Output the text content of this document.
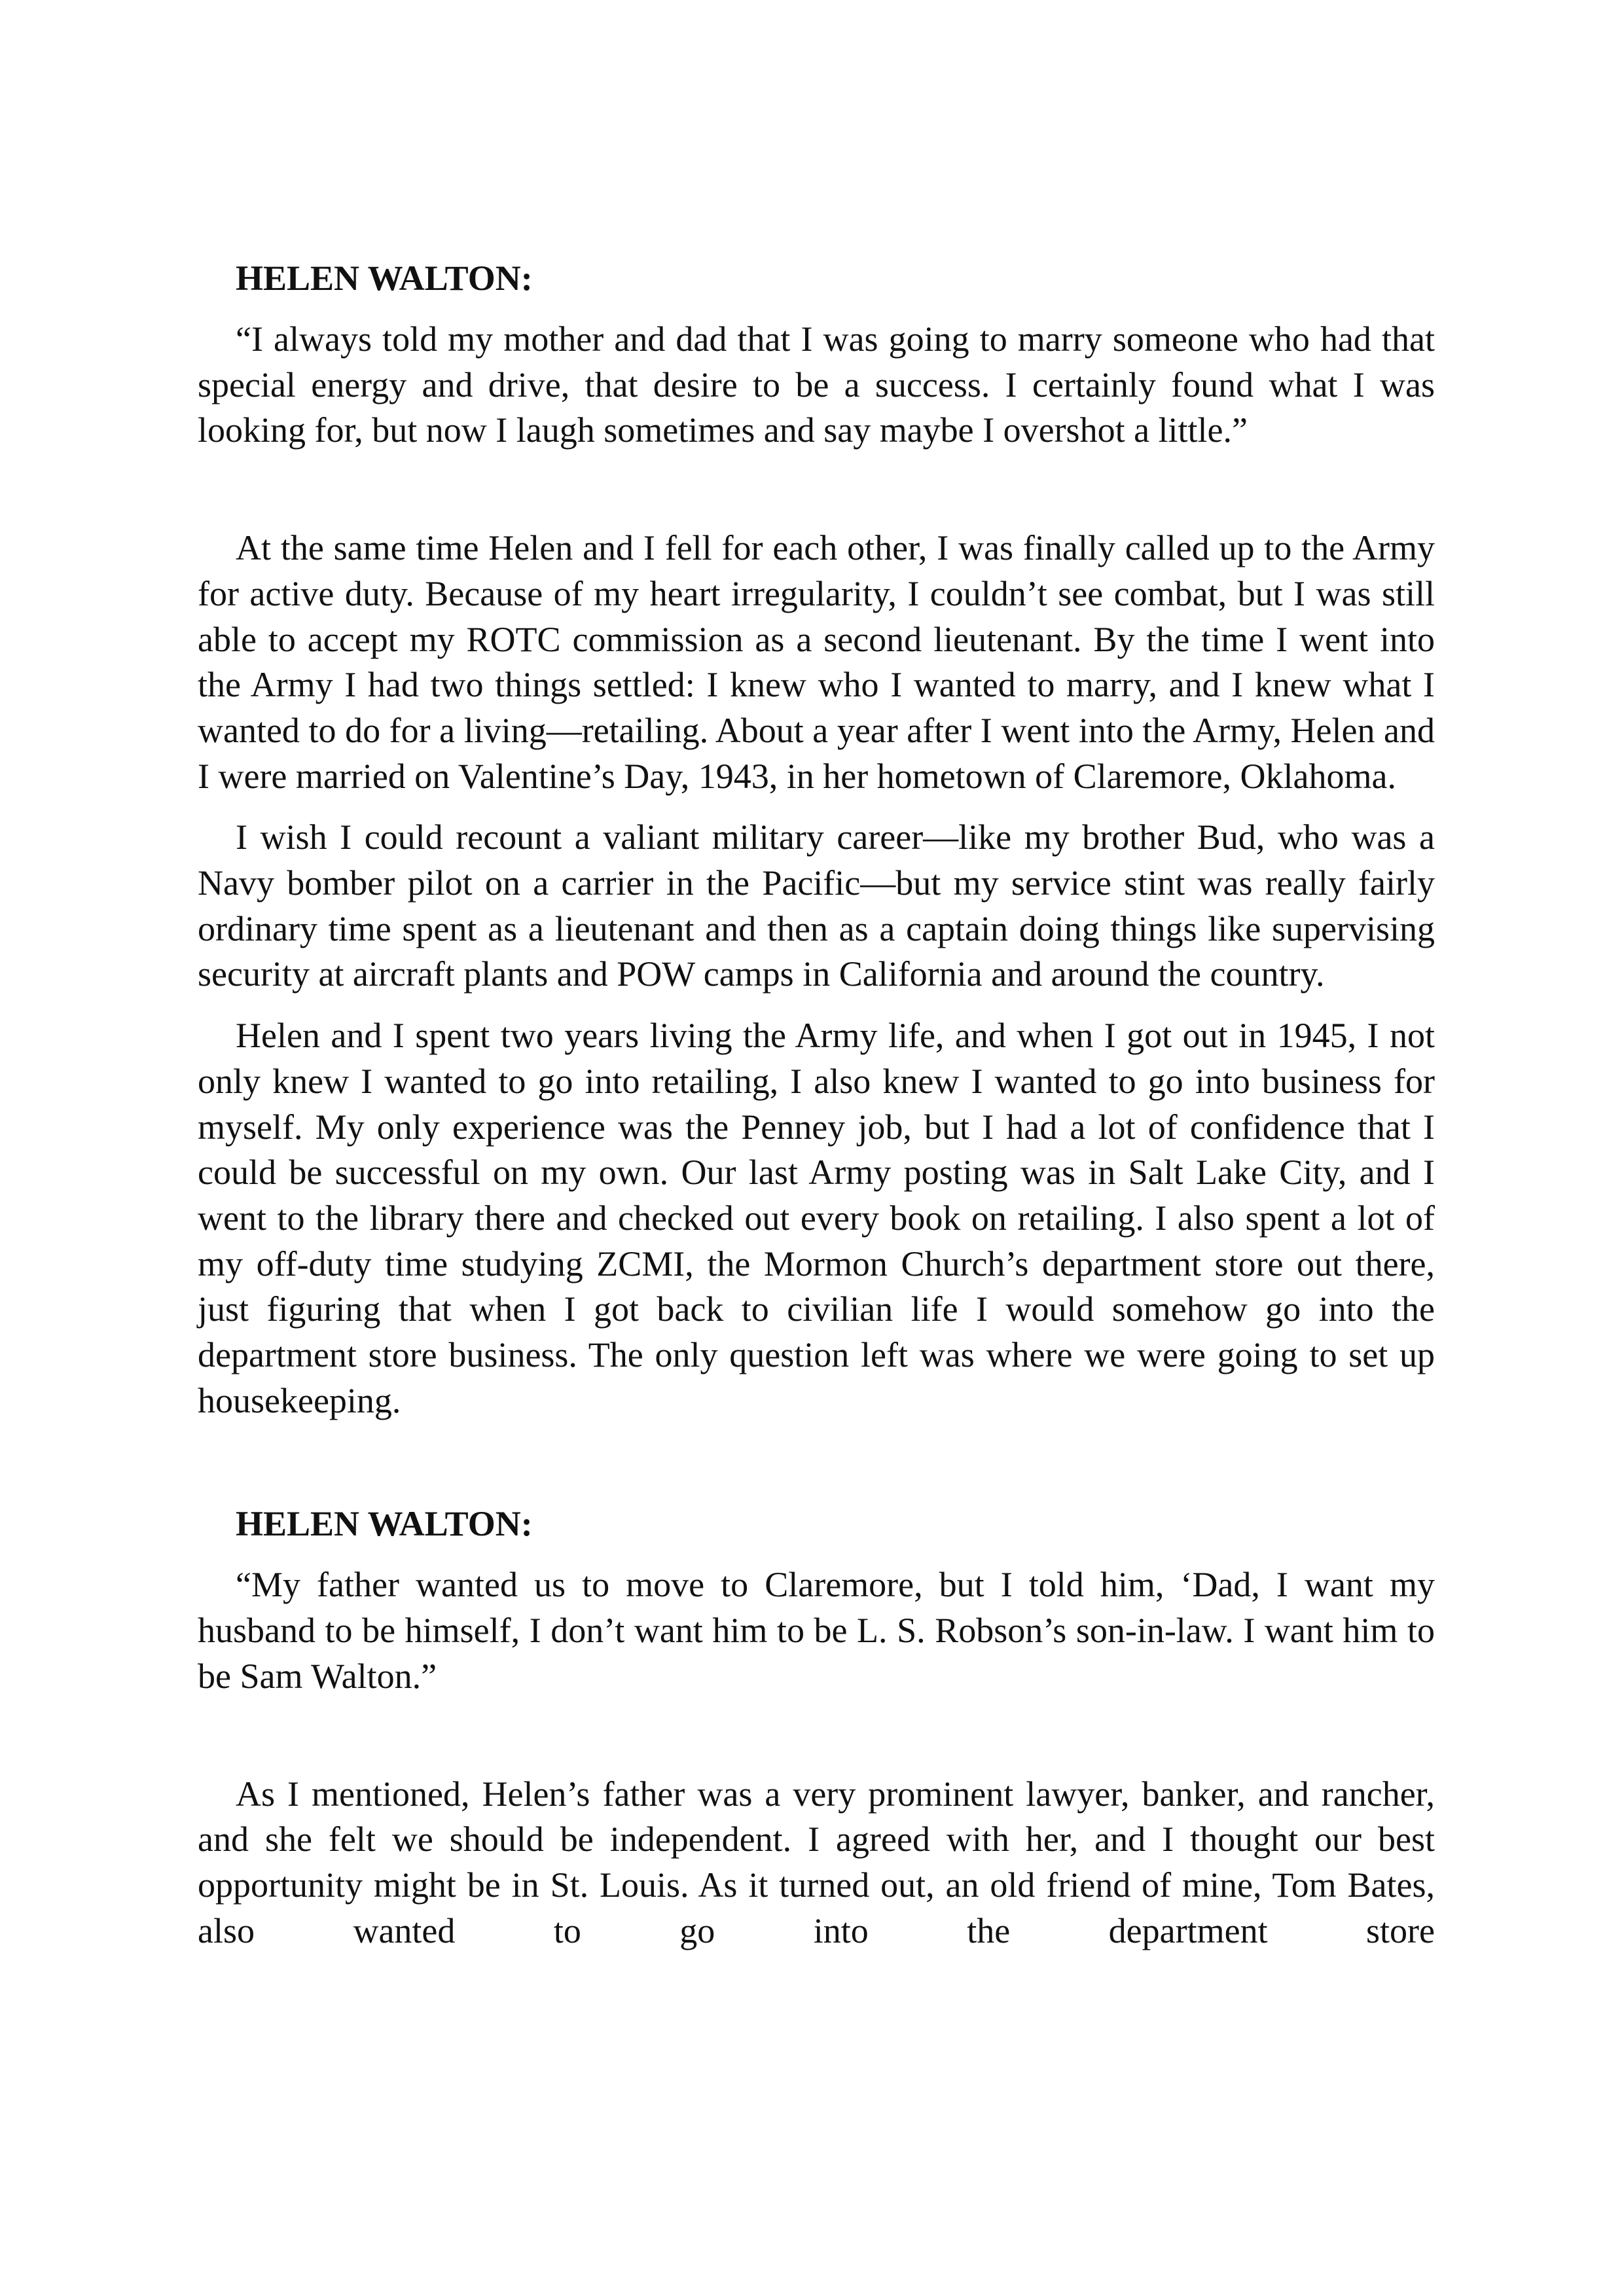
HELEN WALTON:

“I always told my mother and dad that I was going to marry someone who had that special energy and drive, that desire to be a success. I certainly found what I was looking for, but now I laugh sometimes and say maybe I overshot a little.”

At the same time Helen and I fell for each other, I was finally called up to the Army for active duty. Because of my heart irregularity, I couldn’t see combat, but I was still able to accept my ROTC commission as a second lieutenant. By the time I went into the Army I had two things settled: I knew who I wanted to marry, and I knew what I wanted to do for a living—retailing. About a year after I went into the Army, Helen and I were married on Valentine’s Day, 1943, in her hometown of Claremore, Oklahoma.

I wish I could recount a valiant military career—like my brother Bud, who was a Navy bomber pilot on a carrier in the Pacific—but my service stint was really fairly ordinary time spent as a lieutenant and then as a captain doing things like supervising security at aircraft plants and POW camps in California and around the country.

Helen and I spent two years living the Army life, and when I got out in 1945, I not only knew I wanted to go into retailing, I also knew I wanted to go into business for myself. My only experience was the Penney job, but I had a lot of confidence that I could be successful on my own. Our last Army posting was in Salt Lake City, and I went to the library there and checked out every book on retailing. I also spent a lot of my off-duty time studying ZCMI, the Mormon Church’s department store out there, just figuring that when I got back to civilian life I would somehow go into the department store business. The only question left was where we were going to set up housekeeping.

HELEN WALTON:

“My father wanted us to move to Claremore, but I told him, ‘Dad, I want my husband to be himself, I don’t want him to be L. S. Robson’s son-in-law. I want him to be Sam Walton.”

As I mentioned, Helen’s father was a very prominent lawyer, banker, and rancher, and she felt we should be independent. I agreed with her, and I thought our best opportunity might be in St. Louis. As it turned out, an old friend of mine, Tom Bates, also wanted to go into the department store
